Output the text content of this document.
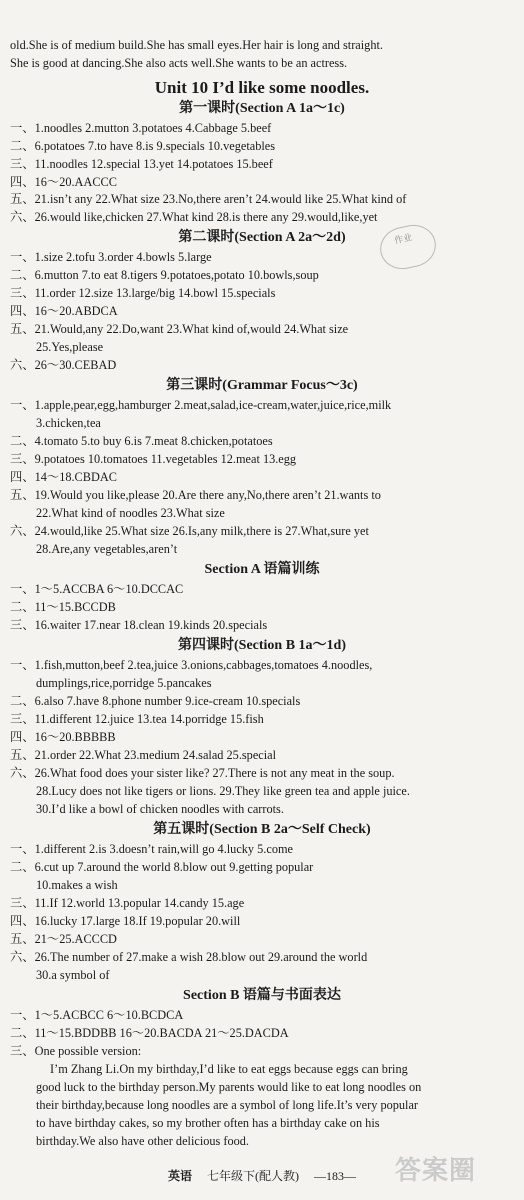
old.She is of medium build.She has small eyes.Her hair is long and straight.
She is good at dancing.She also acts well.She wants to be an actress.
Unit 10 I’d like some noodles.
第一课时(Section A 1a～1c)
一、1.noodles 2.mutton 3.potatoes 4.Cabbage 5.beef
二、6.potatoes 7.to have 8.is 9.specials 10.vegetables
三、11.noodles 12.special 13.yet 14.potatoes 15.beef
四、16～20.AACCC
五、21.isn’t any 22.What size 23.No,there aren’t 24.would like 25.What kind of
六、26.would like,chicken 27.What kind 28.is there any 29.would,like,yet
第二课时(Section A 2a～2d)	作业
一、1.size 2.tofu 3.order 4.bowls 5.large
二、6.mutton 7.to eat 8.tigers 9.potatoes,potato 10.bowls,soup
三、11.order 12.size 13.large/big 14.bowl 15.specials
四、16～20.ABDCA
五、21.Would,any 22.Do,want 23.What kind of,would 24.What size
25.Yes,please
六、26～30.CEBAD
第三课时(Grammar Focus～3c)
一、1.apple,pear,egg,hamburger 2.meat,salad,ice-cream,water,juice,rice,milk
3.chicken,tea
二、4.tomato 5.to buy 6.is 7.meat 8.chicken,potatoes
三、9.potatoes 10.tomatoes 11.vegetables 12.meat 13.egg
四、14～18.CBDAC
五、19.Would you like,please 20.Are there any,No,there aren’t 21.wants to
22.What kind of noodles 23.What size
六、24.would,like 25.What size 26.Is,any milk,there is 27.What,sure yet
28.Are,any vegetables,aren’t
Section A 语篇训练
一、1～5.ACCBA 6～10.DCCAC
二、11～15.BCCDB
三、16.waiter 17.near 18.clean 19.kinds 20.specials
第四课时(Section B 1a～1d)
一、1.fish,mutton,beef 2.tea,juice 3.onions,cabbages,tomatoes 4.noodles,
dumplings,rice,porridge 5.pancakes
二、6.also 7.have 8.phone number 9.ice-cream 10.specials
三、11.different 12.juice 13.tea 14.porridge 15.fish
四、16～20.BBBBB
五、21.order 22.What 23.medium 24.salad 25.special
六、26.What food does your sister like? 27.There is not any meat in the soup.
28.Lucy does not like tigers or lions. 29.They like green tea and apple juice.
30.I’d like a bowl of chicken noodles with carrots.
第五课时(Section B 2a～Self Check)
一、1.different 2.is 3.doesn’t rain,will go 4.lucky 5.come
二、6.cut up 7.around the world 8.blow out 9.getting popular
10.makes a wish
三、11.If 12.world 13.popular 14.candy 15.age
四、16.lucky 17.large 18.If 19.popular 20.will
五、21～25.ACCCD
六、26.The number of 27.make a wish 28.blow out 29.around the world
30.a symbol of
Section B 语篇与书面表达
一、1～5.ACBCC 6～10.BCDCA
二、11～15.BDDBB 16～20.BACDA 21～25.DACDA
三、One possible version:
I’m Zhang Li.On my birthday,I’d like to eat eggs because eggs can bring
good luck to the birthday person.My parents would like to eat long noodles on
their birthday,because long noodles are a symbol of long life.It’s very popular
to have birthday cakes, so my brother often has a birthday cake on his
birthday.We also have other delicious food.
英语 七年级下(配人教) —183—	答案圈
